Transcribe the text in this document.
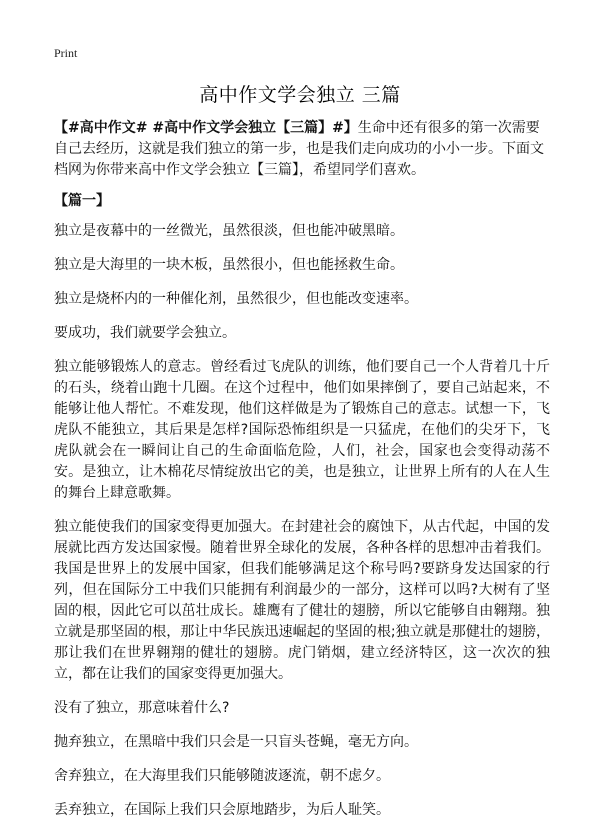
Print
高中作文学会独立 三篇

【#高中作文# #高中作文学会独立【三篇】#】生命中还有很多的第一次需要自己去经历，这就是我们独立的第一步，也是我们走向成功的小小一步。下面文档网为你带来高中作文学会独立【三篇】，希望同学们喜欢。

【篇一】

独立是夜幕中的一丝微光，虽然很淡，但也能冲破黑暗。

独立是大海里的一块木板，虽然很小，但也能拯救生命。

独立是烧杯内的一种催化剂，虽然很少，但也能改变速率。

要成功，我们就要学会独立。

独立能够锻炼人的意志。曾经看过飞虎队的训练，他们要自己一个人背着几十斤的石头，绕着山跑十几圈。在这个过程中，他们如果摔倒了，要自己站起来，不能够让他人帮忙。不难发现，他们这样做是为了锻炼自己的意志。试想一下，飞虎队不能独立，其后果是怎样?国际恐怖组织是一只猛虎，在他们的尖牙下，飞虎队就会在一瞬间让自己的生命面临危险，人们，社会，国家也会变得动荡不安。是独立，让木棉花尽情绽放出它的美，也是独立，让世界上所有的人在人生的舞台上肆意歌舞。

独立能使我们的国家变得更加强大。在封建社会的腐蚀下，从古代起，中国的发展就比西方发达国家慢。随着世界全球化的发展，各种各样的思想冲击着我们。我国是世界上的发展中国家，但我们能够满足这个称号吗?要跻身发达国家的行列，但在国际分工中我们只能拥有利润最少的一部分，这样可以吗?大树有了坚固的根，因此它可以茁壮成长。雄鹰有了健壮的翅膀，所以它能够自由翱翔。独立就是那坚固的根，那让中华民族迅速崛起的坚固的根;独立就是那健壮的翅膀，那让我们在世界翱翔的健壮的翅膀。虎门销烟，建立经济特区，这一次次的独立，都在让我们的国家变得更加强大。

没有了独立，那意味着什么?

抛弃独立，在黑暗中我们只会是一只盲头苍蝇，毫无方向。

舍弃独立，在大海里我们只能够随波逐流，朝不虑夕。

丢弃独立，在国际上我们只会原地踏步，为后人耻笑。
